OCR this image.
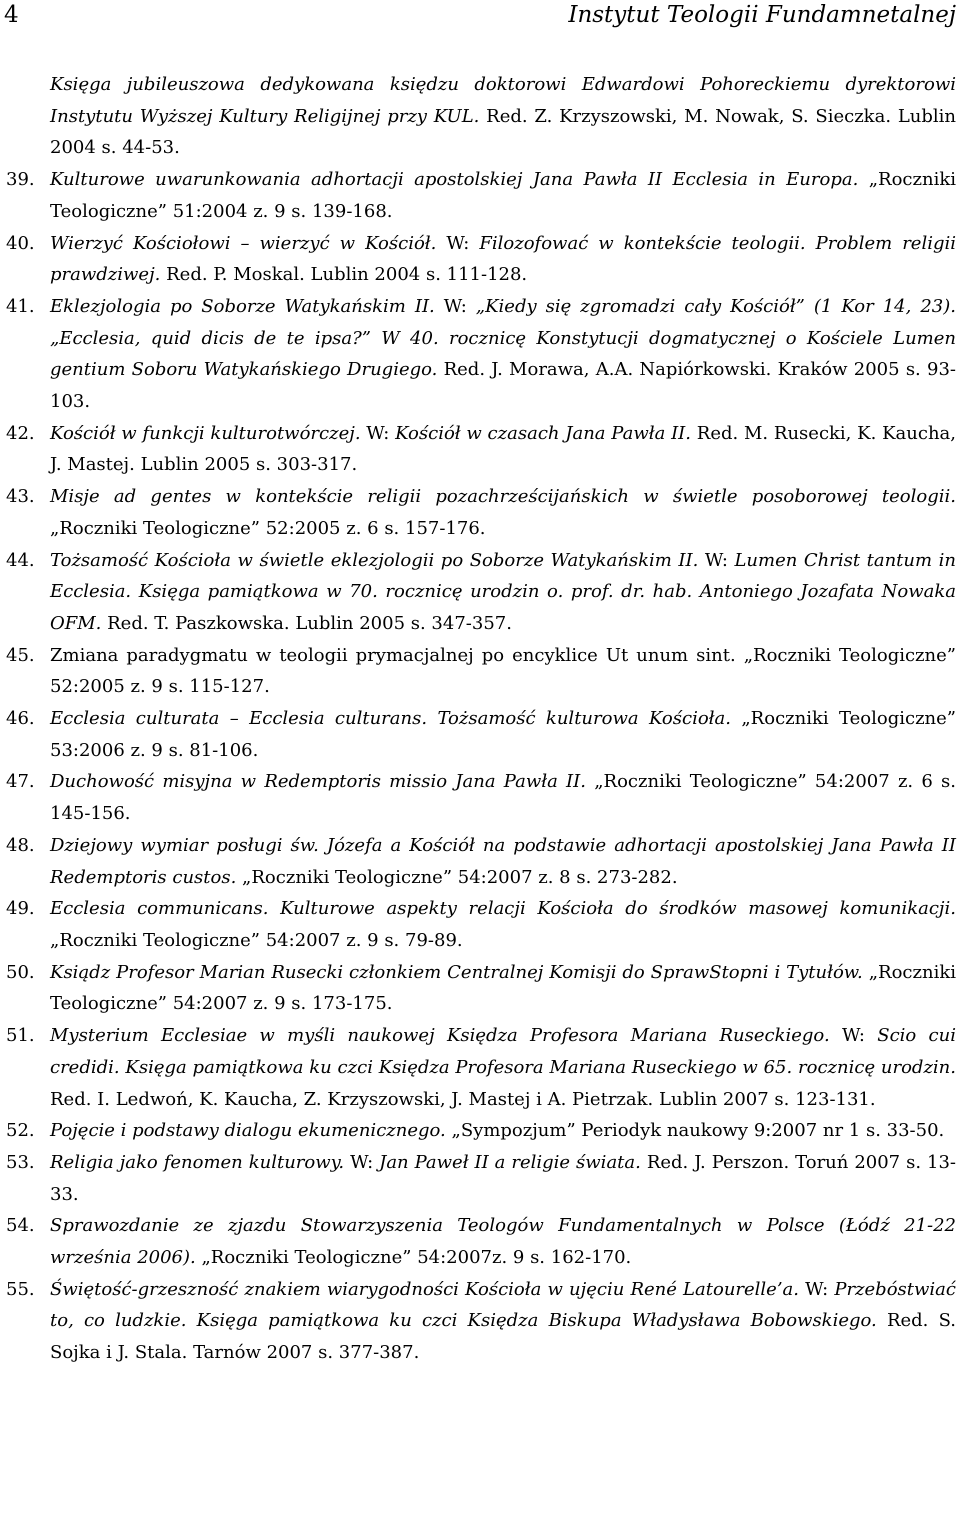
4	Instytut Teologii Fundamnetalnej
Księga jubileuszowa dedykowana księdzu doktorowi Edwardowi Pohoreckiemu dyrektorowi Instytutu Wyższej Kultury Religijnej przy KUL. Red. Z. Krzyszowski, M. Nowak, S. Sieczka. Lublin 2004 s. 44-53.
39. Kulturowe uwarunkowania adhortacji apostolskiej Jana Pawła II Ecclesia in Europa. „Roczniki Teologiczne” 51:2004 z. 9 s. 139-168.
40. Wierzyć Kościołowi – wierzyć w Kościół. W: Filozofować w kontekście teologii. Problem religii prawdziwej. Red. P. Moskal. Lublin 2004 s. 111-128.
41. Eklezjologia po Soborze Watykańskim II. W: „Kiedy się zgromadzi cały Kościół” (1 Kor 14, 23). „Ecclesia, quid dicis de te ipsa?” W 40. rocznicę Konstytucji dogmatycznej o Kościele Lumen gentium Soboru Watykańskiego Drugiego. Red. J. Morawa, A.A. Napiórkowski. Kraków 2005 s. 93-103.
42. Kościół w funkcji kulturotwórczej. W: Kościół w czasach Jana Pawła II. Red. M. Rusecki, K. Kaucha, J. Mastej. Lublin 2005 s. 303-317.
43. Misje ad gentes w kontekście religii pozachrześcijańskich w świetle posoborowej teologii. „Roczniki Teologiczne” 52:2005 z. 6 s. 157-176.
44. Tożsamość Kościoła w świetle eklezjologii po Soborze Watykańskim II. W: Lumen Christ tantum in Ecclesia. Księga pamiątkowa w 70. rocznicę urodzin o. prof. dr. hab. Antoniego Jozafata Nowaka OFM. Red. T. Paszkowska. Lublin 2005 s. 347-357.
45. Zmiana paradygmatu w teologii prymacjalnej po encyklice Ut unum sint. „Roczniki Teologiczne” 52:2005 z. 9 s. 115-127.
46. Ecclesia culturata – Ecclesia culturans. Tożsamość kulturowa Kościoła. „Roczniki Teologiczne” 53:2006 z. 9 s. 81-106.
47. Duchowość misyjna w Redemptoris missio Jana Pawła II. „Roczniki Teologiczne” 54:2007 z. 6 s. 145-156.
48. Dziejowy wymiar posługi św. Józefa a Kościół na podstawie adhortacji apostolskiej Jana Pawła II Redemptoris custos. „Roczniki Teologiczne” 54:2007 z. 8 s. 273-282.
49. Ecclesia communicans. Kulturowe aspekty relacji Kościoła do środków masowej komunikacji. „Roczniki Teologiczne” 54:2007 z. 9 s. 79-89.
50. Ksiądz Profesor Marian Rusecki członkiem Centralnej Komisji do SprawStopni i Tytułów. „Roczniki Teologiczne” 54:2007 z. 9 s. 173-175.
51. Mysterium Ecclesiae w myśli naukowej Księdza Profesora Mariana Ruseckiego. W: Scio cui credidi. Księga pamiątkowa ku czci Księdza Profesora Mariana Ruseckiego w 65. rocznicę urodzin. Red. I. Ledwoń, K. Kaucha, Z. Krzyszowski, J. Mastej i A. Pietrzak. Lublin 2007 s. 123-131.
52. Pojęcie i podstawy dialogu ekumenicznego. „Sympozjum” Periodyk naukowy 9:2007 nr 1 s. 33-50.
53. Religia jako fenomen kulturowy. W: Jan Paweł II a religie świata. Red. J. Perszon. Toruń 2007 s. 13-33.
54. Sprawozdanie ze zjazdu Stowarzyszenia Teologów Fundamentalnych w Polsce (Łódź 21-22 września 2006). „Roczniki Teologiczne” 54:2007z. 9 s. 162-170.
55. Świętość-grzeszność znakiem wiarygodności Kościoła w ujęciu René Latourelle’a. W: Przebóstwiać to, co ludzkie. Księga pamiątkowa ku czci Księdza Biskupa Władysława Bobowskiego. Red. S. Sojka i J. Stala. Tarnów 2007 s. 377-387.
